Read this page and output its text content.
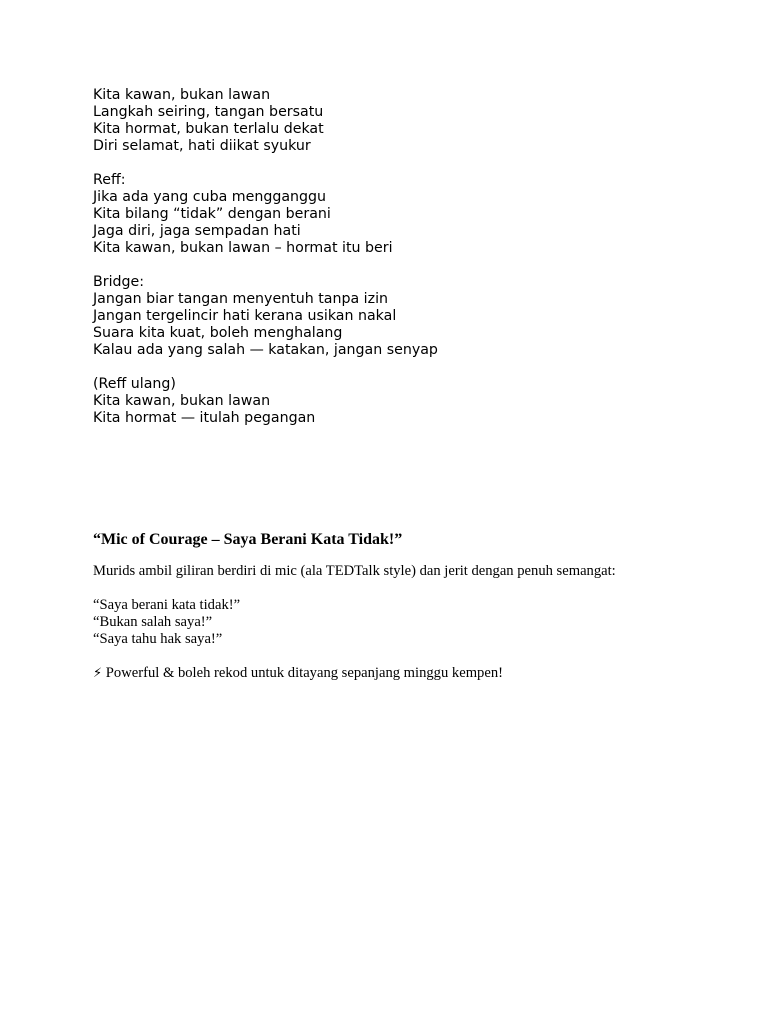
Kita kawan, bukan lawan
Langkah seiring, tangan bersatu
Kita hormat, bukan terlalu dekat
Diri selamat, hati diikat syukur
Reff:
Jika ada yang cuba mengganggu
Kita bilang “tidak” dengan berani
Jaga diri, jaga sempadan hati
Kita kawan, bukan lawan – hormat itu beri
Bridge:
Jangan biar tangan menyentuh tanpa izin
Jangan tergelincir hati kerana usikan nakal
Suara kita kuat, boleh menghalang
Kalau ada yang salah — katakan, jangan senyap
(Reff ulang)
Kita kawan, bukan lawan
Kita hormat — itulah pegangan
“Mic of Courage – Saya Berani Kata Tidak!”
Murids ambil giliran berdiri di mic (ala TEDTalk style) dan jerit dengan penuh semangat:
“Saya berani kata tidak!”
“Bukan salah saya!”
“Saya tahu hak saya!”
⚡ Powerful & boleh rekod untuk ditayang sepanjang minggu kempen!
